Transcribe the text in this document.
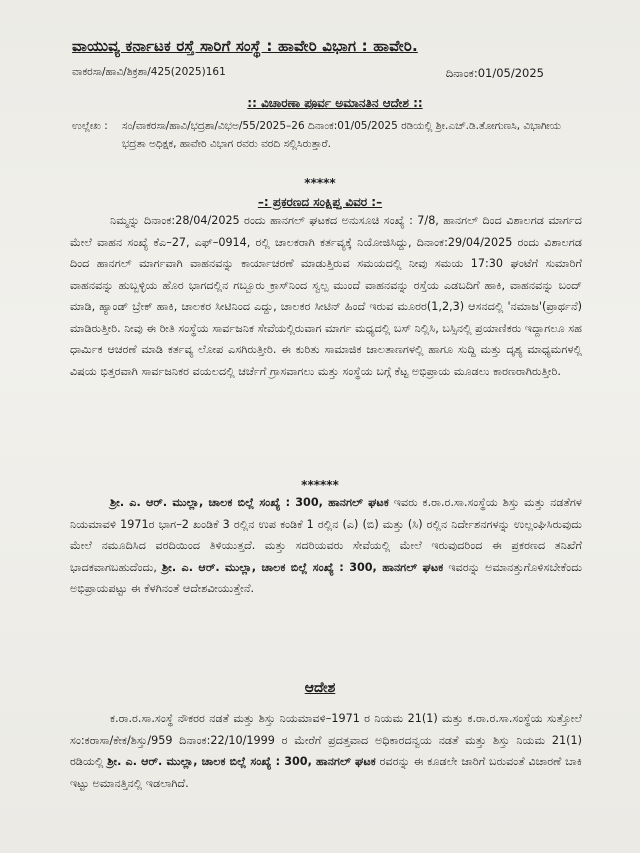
ವಾಯುವ್ಯ ಕರ್ನಾಟಕ ರಸ್ತೆ ಸಾರಿಗೆ ಸಂಸ್ಥೆ : ಹಾವೇರಿ ವಿಭಾಗ : ಹಾವೇರಿ.
ವಾಕರಸಾ/ಹಾವಿ/ಶಿಕ್ರಶಾ/425(2025)161	ದಿನಾಂಕ:01/05/2025
:: ವಿಚಾರಣಾ ಪೂರ್ವ ಅಮಾನತಿನ ಆದೇಶ ::
ಉಲ್ಲೇಖ : ಸಂ/ವಾಕರಸಾ/ಹಾವಿ/ಭದ್ರಶಾ/ವಿಭಅ/55/2025–26 ದಿನಾಂಕ:01/05/2025 ರಡಿಯಲ್ಲಿ ಶ್ರೀ.ಎಚ್.ಡಿ.ತೋಗುಣಸಿ, ವಿಭಾಗೀಯ ಭದ್ರತಾ ಅಧಿಕ್ಷಕ, ಹಾವೇರಿ ವಿಭಾಗ ರವರು ವರದಿ ಸಲ್ಲಿಸಿರುತ್ತಾರೆ.
*****
–: ಪ್ರಕರಣದ ಸಂಕ್ಷಿಪ್ತ ವಿವರ :–
ನಿಮ್ಮನ್ನು ದಿನಾಂಕ:28/04/2025 ರಂದು ಹಾನಗಲ್ ಘಟಕದ ಅನುಸೂಚಿ ಸಂಖ್ಯೆ : 7/8, ಹಾನಗಲ್ ದಿಂದ ವಿಶಾಲಗಡ ಮಾರ್ಗದ ಮೇಲೆ ವಾಹನ ಸಂಖ್ಯೆ ಕೆಎ–27, ಎಫ್–0914, ರಲ್ಲಿ ಚಾಲಕರಾಗಿ ಕರ್ತವ್ಯಕ್ಕೆ ನಿಯೋಜಿಸಿದ್ದು, ದಿನಾಂಕ:29/04/2025 ರಂದು ವಿಶಾಲಗಡ ದಿಂದ ಹಾನಗಲ್ ಮಾರ್ಗವಾಗಿ ವಾಹನವನ್ನು ಕಾರ್ಯಾಚರಣೆ ಮಾಡುತ್ತಿರುವ ಸಮಯದಲ್ಲಿ ನೀವು ಸಮಯ 17:30 ಘಂಟೆಗೆ ಸುಮಾರಿಗೆ ವಾಹನವನ್ನು ಹುಬ್ಬಳ್ಳಿಯ ಹೊರ ಭಾಗದಲ್ಲಿನ ಗಬ್ಬೂರು ಕ್ರಾಸ್‌ನಿಂದ ಸ್ವಲ್ಪ ಮುಂದೆ ವಾಹನವನ್ನು ರಸ್ತೆಯ ಎಡಬದಿಗೆ ಹಾಕಿ, ವಾಹನವನ್ನು ಬಂದ್ ಮಾಡಿ, ಹ್ಯಾಂಡ್ ಬ್ರೇಕ್ ಹಾಕಿ, ಚಾಲಕರ ಸೀಟಿನಿಂದ ಎದ್ದು, ಚಾಲಕರ ಸೀಟಿನ್ ಹಿಂದೆ ಇರುವ ಮೂರರ(1,2,3) ಆಸನದಲ್ಲಿ 'ನಮಾಜ'(ಪ್ರಾರ್ಥನೆ) ಮಾಡಿರುತ್ತೀರಿ. ನೀವು ಈ ರೀತಿ ಸಂಸ್ಥೆಯ ಸಾರ್ವಜನಿಕ ಸೇವೆಯಲ್ಲಿರುವಾಗ ಮಾರ್ಗ ಮಧ್ಯದಲ್ಲಿ ಬಸ್ ನಿಲ್ಲಿಸಿ, ಬಸ್ಸಿನಲ್ಲಿ ಪ್ರಯಾಣಿಕರು ಇದ್ದಾಗಲೂ ಸಹ ಧಾರ್ಮಿಕ ಆಚರಣೆ ಮಾಡಿ ಕರ್ತವ್ಯ ಲೋಪ ಎಸಗಿರುತ್ತೀರಿ. ಈ ಕುರಿತು ಸಾಮಾಜಿಕ ಜಾಲತಾಣಗಳಲ್ಲಿ ಹಾಗೂ ಸುದ್ದಿ ಮತ್ತು ದೃಶ್ಯ ಮಾಧ್ಯಮಗಳಲ್ಲಿ ವಿಷಯ ಭಿತ್ತರವಾಗಿ ಸಾರ್ವಜನಿಕರ ವಯಲದಲ್ಲಿ ಚರ್ಚೆಗೆ ಗ್ರಾಸವಾಗಲು ಮತ್ತು ಸಂಸ್ಥೆಯ ಬಗ್ಗೆ ಕೆಟ್ಟ ಅಭಿಪ್ರಾಯ ಮೂಡಲು ಕಾರಣರಾಗಿರುತ್ತೀರಿ.
******
ಶ್ರೀ. ಎ. ಆರ್. ಮುಲ್ಲಾ, ಚಾಲಕ ಬಿಲ್ಲೆ ಸಂಖ್ಯೆ : 300, ಹಾನಗಲ್ ಘಟಕ ಇವರು ಕ.ರಾ.ರ.ಸಾ.ಸಂಸ್ಥೆಯ ಶಿಸ್ತು ಮತ್ತು ನಡತೆಗಳ ನಿಯಮಾವಳಿ 1971ರ ಭಾಗ–2 ಖಂಡಿಕೆ 3 ರಲ್ಲಿನ ಉಪ ಕಂಡಿಕೆ 1 ರಲ್ಲಿನ (ಎ) (ಬಿ) ಮತ್ತು (ಸಿ) ರಲ್ಲಿನ ನಿರ್ದೇಶನಗಳನ್ನು ಉಲ್ಲಂಘಿಸಿರುವುದು ಮೇಲೆ ನಮೂದಿಸಿದ ವರದಿಯಿಂದ ತಿಳಿಯುತ್ತದೆ. ಮತ್ತು ಸದರಿಯವರು ಸೇವೆಯಲ್ಲಿ ಮೇಲೆ ಇರುವುದರಿಂದ ಈ ಪ್ರಕರಣದ ತನಿಖೆಗೆ ಭಾದಕವಾಗಬಹುದೆಂದು, ಶ್ರೀ. ಎ. ಆರ್. ಮುಲ್ಲಾ, ಚಾಲಕ ಬಿಲ್ಲೆ ಸಂಖ್ಯೆ : 300, ಹಾನಗಲ್ ಘಟಕ ಇವರನ್ನು ಅಮಾನತ್ತುಗೊಳಿಸಬೇಕೆಂದು ಅಭಿಪ್ರಾಯಪಟ್ಟು ಈ ಕೆಳಗಿನಂತೆ ಆದೇಶವೀಯುತ್ತೇನೆ.
ಆದೇಶ
ಕ.ರಾ.ರ.ಸಾ.ಸಂಸ್ಥೆ ನೌಕರರ ನಡತೆ ಮತ್ತು ಶಿಸ್ತು ನಿಯಮಾವಳಿ–1971 ರ ನಿಯಮ 21(1) ಮತ್ತು ಕ.ರಾ.ರ.ಸಾ.ಸಂಸ್ಥೆಯ ಸುತ್ತೋಲೆ ಸಂ:ಕರಾಸಾ/ಕೇಕ/ಶಿಸ್ತು/959 ದಿನಾಂಕ:22/10/1999 ರ ಮೇರೆಗೆ ಪ್ರದತ್ತವಾದ ಅಧಿಕಾರದನ್ವಯ ನಡತೆ ಮತ್ತು ಶಿಸ್ತು ನಿಯಮ 21(1) ರಡಿಯಲ್ಲಿ ಶ್ರೀ. ಎ. ಆರ್. ಮುಲ್ಲಾ, ಚಾಲಕ ಬಿಲ್ಲೆ ಸಂಖ್ಯೆ : 300, ಹಾನಗಲ್ ಘಟಕ ರವರನ್ನು ಈ ಕೂಡಲೇ ಜಾರಿಗೆ ಬರುವಂತೆ ವಿಚಾರಣೆ ಬಾಕಿ ಇಟ್ಟು ಅಮಾನತ್ತಿನಲ್ಲಿ ಇಡಲಾಗಿದೆ.
